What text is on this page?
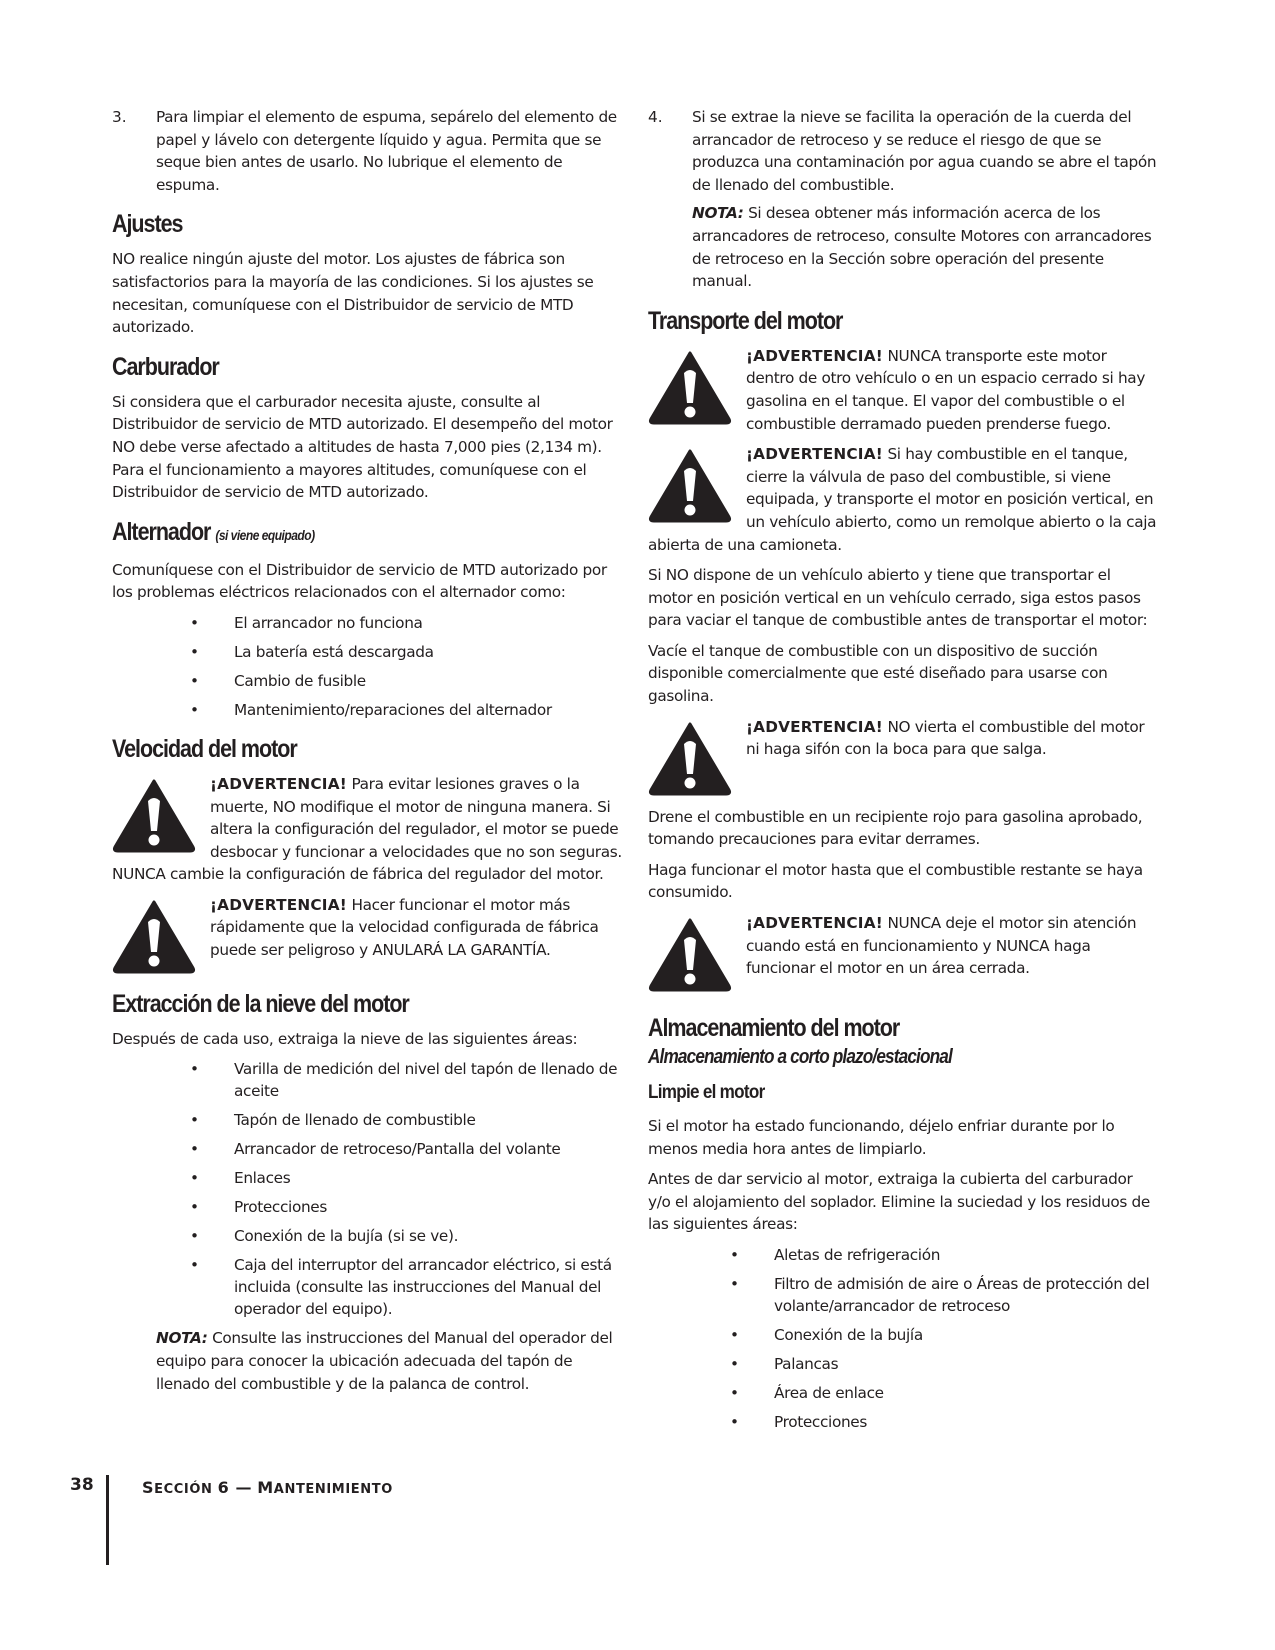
3.	Para limpiar el elemento de espuma, sepárelo del elemento de papel y lávelo con detergente líquido y agua. Permita que se seque bien antes de usarlo. No lubrique el elemento de espuma.

Ajustes

NO realice ningún ajuste del motor. Los ajustes de fábrica son satisfactorios para la mayoría de las condiciones. Si los ajustes se necesitan, comuníquese con el Distribuidor de servicio de MTD autorizado.

Carburador

Si considera que el carburador necesita ajuste, consulte al Distribuidor de servicio de MTD autorizado. El desempeño del motor NO debe verse afectado a altitudes de hasta 7,000 pies (2,134 m). Para el funcionamiento a mayores altitudes, comuníquese con el Distribuidor de servicio de MTD autorizado.

Alternador (si viene equipado)

Comuníquese con el Distribuidor de servicio de MTD autorizado por los problemas eléctricos relacionados con el alternador como:

•	El arrancador no funciona
•	La batería está descargada
•	Cambio de fusible
•	Mantenimiento/reparaciones del alternador
Velocidad del motor

¡ADVERTENCIA! Para evitar lesiones graves o la muerte, NO modifique el motor de ninguna manera. Si altera la configuración del regulador, el motor se puede desbocar y funcionar a velocidades que no son seguras. NUNCA cambie la configuración de fábrica del regulador del motor.

¡ADVERTENCIA! Hacer funcionar el motor más rápidamente que la velocidad configurada de fábrica puede ser peligroso y ANULARÁ LA GARANTÍA.

Extracción de la nieve del motor

Después de cada uso, extraiga la nieve de las siguientes áreas:

•	Varilla de medición del nivel del tapón de llenado de aceite
•	Tapón de llenado de combustible
•	Arrancador de retroceso/Pantalla del volante
•	Enlaces
•	Protecciones
•	Conexión de la bujía (si se ve).
•	Caja del interruptor del arrancador eléctrico, si está incluida (consulte las instrucciones del Manual del operador del equipo).

NOTA: Consulte las instrucciones del Manual del operador del equipo para conocer la ubicación adecuada del tapón de llenado del combustible y de la palanca de control.

4.	Si se extrae la nieve se facilita la operación de la cuerda del arrancador de retroceso y se reduce el riesgo de que se produzca una contaminación por agua cuando se abre el tapón de llenado del combustible.

NOTA: Si desea obtener más información acerca de los arrancadores de retroceso, consulte Motores con arrancadores de retroceso en la Sección sobre operación del presente manual.

Transporte del motor

¡ADVERTENCIA! NUNCA transporte este motor dentro de otro vehículo o en un espacio cerrado si hay gasolina en el tanque. El vapor del combustible o el combustible derramado pueden prenderse fuego.

¡ADVERTENCIA! Si hay combustible en el tanque, cierre la válvula de paso del combustible, si viene equipada, y transporte el motor en posición vertical, en un vehículo abierto, como un remolque abierto o la caja abierta de una camioneta.

Si NO dispone de un vehículo abierto y tiene que transportar el motor en posición vertical en un vehículo cerrado, siga estos pasos para vaciar el tanque de combustible antes de transportar el motor:

Vacíe el tanque de combustible con un dispositivo de succión disponible comercialmente que esté diseñado para usarse con gasolina.

¡ADVERTENCIA! NO vierta el combustible del motor ni haga sifón con la boca para que salga.

Drene el combustible en un recipiente rojo para gasolina aprobado, tomando precauciones para evitar derrames.

Haga funcionar el motor hasta que el combustible restante se haya consumido.

¡ADVERTENCIA! NUNCA deje el motor sin atención cuando está en funcionamiento y NUNCA haga funcionar el motor en un área cerrada.

Almacenamiento del motor
Almacenamiento a corto plazo/estacional
Limpie el motor

Si el motor ha estado funcionando, déjelo enfriar durante por lo menos media hora antes de limpiarlo.

Antes de dar servicio al motor, extraiga la cubierta del carburador y/o el alojamiento del soplador. Elimine la suciedad y los residuos de las siguientes áreas:

•	Aletas de refrigeración
•	Filtro de admisión de aire o Áreas de protección del volante/arrancador de retroceso
•	Conexión de la bujía
•	Palancas
•	Área de enlace
•	Protecciones
38	SECCIÓN 6 — MANTENIMIENTO
